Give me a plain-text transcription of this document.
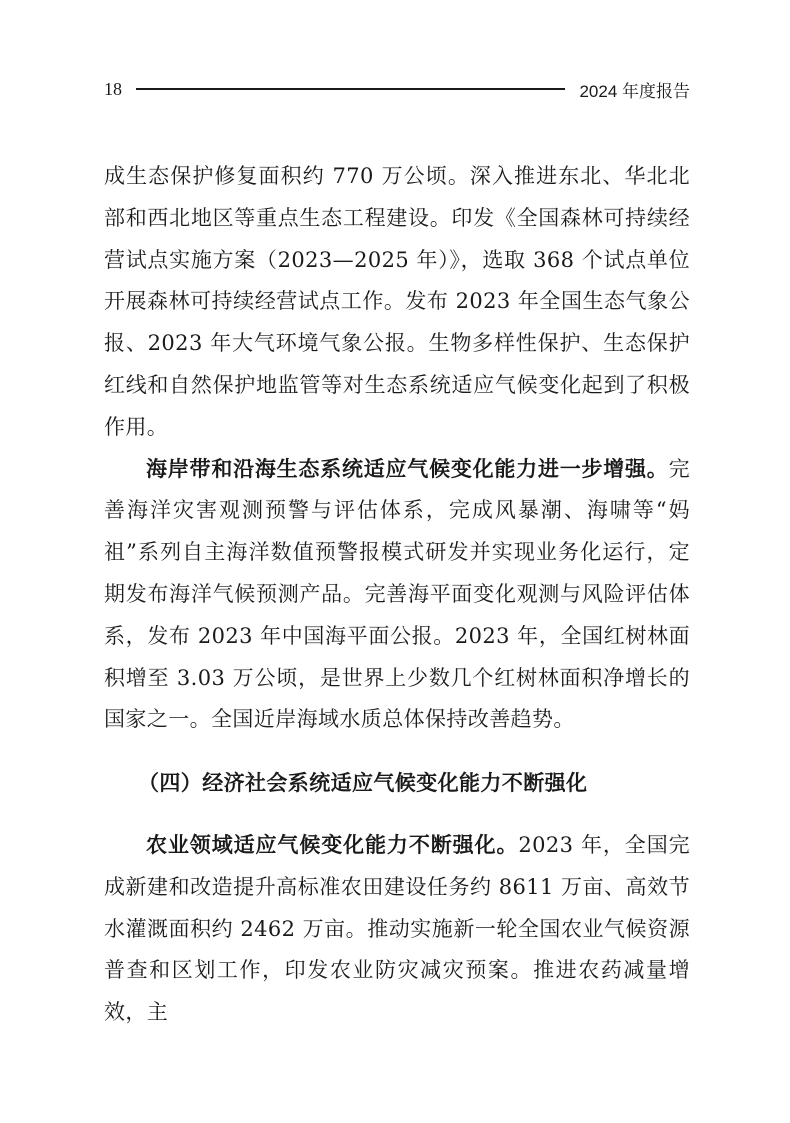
18	2024 年度报告

成生态保护修复面积约 770 万公顷。深入推进东北、华北北部和西北地区等重点生态工程建设。印发《全国森林可持续经营试点实施方案（2023—2025 年）》，选取 368 个试点单位开展森林可持续经营试点工作。发布 2023 年全国生态气象公报、2023 年大气环境气象公报。生物多样性保护、生态保护红线和自然保护地监管等对生态系统适应气候变化起到了积极作用。

海岸带和沿海生态系统适应气候变化能力进一步增强。完善海洋灾害观测预警与评估体系，完成风暴潮、海啸等“妈祖”系列自主海洋数值预警报模式研发并实现业务化运行，定期发布海洋气候预测产品。完善海平面变化观测与风险评估体系，发布 2023 年中国海平面公报。2023 年，全国红树林面积增至 3.03 万公顷，是世界上少数几个红树林面积净增长的国家之一。全国近岸海域水质总体保持改善趋势。

（四）经济社会系统适应气候变化能力不断强化

农业领域适应气候变化能力不断强化。2023 年，全国完成新建和改造提升高标准农田建设任务约 8611 万亩、高效节水灌溉面积约 2462 万亩。推动实施新一轮全国农业气候资源普查和区划工作，印发农业防灾减灾预案。推进农药减量增效，主
